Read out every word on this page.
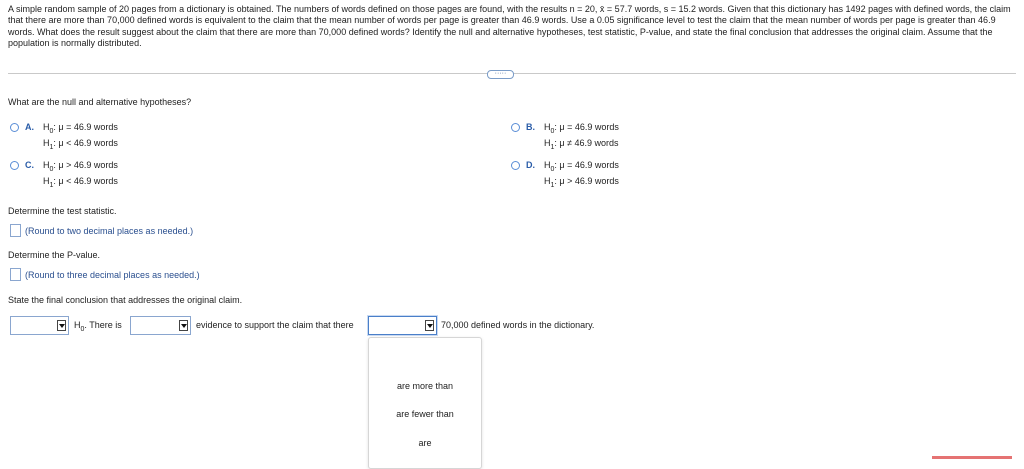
A simple random sample of 20 pages from a dictionary is obtained. The numbers of words defined on those pages are found, with the results n = 20, x̄ = 57.7 words, s = 15.2 words. Given that this dictionary has 1492 pages with defined words, the claim that there are more than 70,000 defined words is equivalent to the claim that the mean number of words per page is greater than 46.9 words. Use a 0.05 significance level to test the claim that the mean number of words per page is greater than 46.9 words. What does the result suggest about the claim that there are more than 70,000 defined words? Identify the null and alternative hypotheses, test statistic, P-value, and state the final conclusion that addresses the original claim. Assume that the population is normally distributed.
·····
What are the null and alternative hypotheses?
A. $H_0$: μ = 46.9 words
$H_1$: μ < 46.9 words
B. $H_0$: μ = 46.9 words
$H_1$: μ ≠ 46.9 words
C. $H_0$: μ > 46.9 words
$H_1$: μ < 46.9 words
D. $H_0$: μ = 46.9 words
$H_1$: μ > 46.9 words
Determine the test statistic.
(Round to two decimal places as needed.)
Determine the P-value.
(Round to three decimal places as needed.)
State the final conclusion that addresses the original claim.
$H_0$. There is	evidence to support the claim that there	70,000 defined words in the dictionary.
are more than
are fewer than
are
